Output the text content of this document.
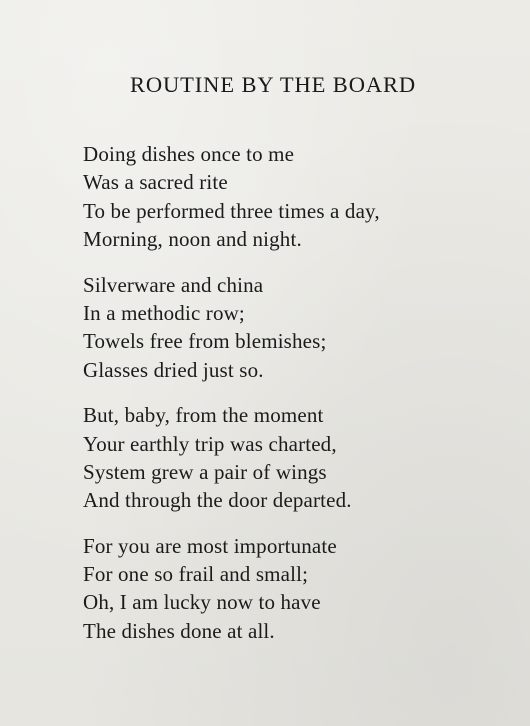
ROUTINE BY THE BOARD
Doing dishes once to me
Was a sacred rite
To be performed three times a day,
Morning, noon and night.
Silverware and china
In a methodic row;
Towels free from blemishes;
Glasses dried just so.
But, baby, from the moment
Your earthly trip was charted,
System grew a pair of wings
And through the door departed.
For you are most importunate
For one so frail and small;
Oh, I am lucky now to have
The dishes done at all.
